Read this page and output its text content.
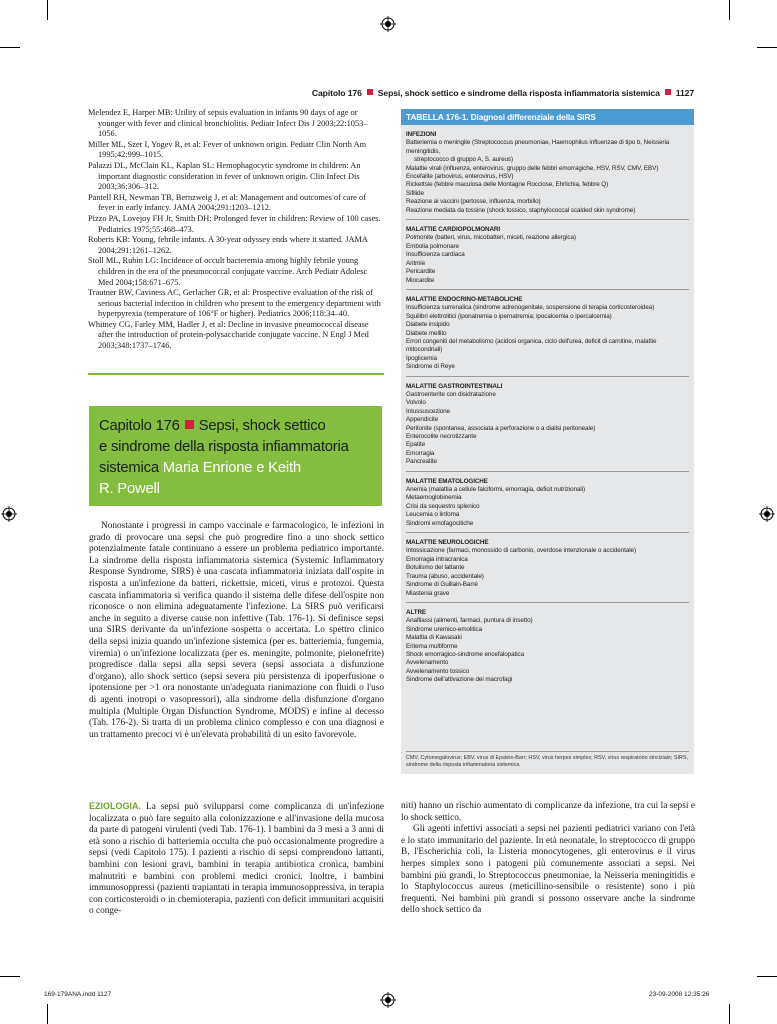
Capitolo 176 Sepsi, shock settico e sindrome della risposta infiammatoria sistemica 1127

Melendez E, Harper MB: Utility of sepsis evaluation in infants 90 days of age or younger with fever and clinical bronchiolitis. Pediatr Infect Dis J 2003;22:1053–1056.

Miller ML, Szer I, Yogev R, et al: Fever of unknown origin. Pediatr Clin North Am 1995;42:999–1015.

Palazzi DL, McClain KL, Kaplan SL: Hemophagocytic syndrome in children: An important diagnostic consideration in fever of unknown origin. Clin Infect Dis 2003;36:306–312.

Pantell RH, Newman TB, Bernzweig J, et al: Management and outcomes of care of fever in early infancy. JAMA 2004;291:1203–1212.

Pizzo PA, Lovejoy FH Jr, Smith DH: Prolonged fever in children: Review of 100 cases. Pediatrics 1975;55:468–473.

Roberts KB: Young, febrile infants. A 30-year odyssey ends where it started. JAMA 2004;291:1261–1262.

Stoll ML, Rubin LG: Incidence of occult bacteremia among highly febrile young children in the era of the pneumococcal conjugate vaccine. Arch Pediatr Adolesc Med 2004;158:671–675.

Trautner BW, Caviness AC, Gerlacher GR, et al: Prospective evaluation of the risk of serious bacterial infection in children who present to the emergency department with hyperpyrexia (temperature of 106°F or higher). Pediatrics 2006;118:34–40.

Whitney CG, Farley MM, Hadler J, et al: Decline in invasive pneumococcal disease after the introduction of protein-polysaccharide conjugate vaccine. N Engl J Med 2003;348:1737–1746.

Capitolo 176 Sepsi, shock settico
e sindrome della risposta infiammatoria
sistemica Maria Enrione e Keith
R. Powell

Nonostante i progressi in campo vaccinale e farmacologico, le infezioni in grado di provocare una sepsi che può progredire fino a uno shock settico potenzialmente fatale continuano a essere un problema pediatrico importante. La sindrome della risposta infiammatoria sistemica (Systemic Inflammatory Response Syndrome, SIRS) è una cascata infiammatoria iniziata dall'ospite in risposta a un'infezione da batteri, rickettsie, miceti, virus e protozoi. Questa cascata infiammatoria si verifica quando il sistema delle difese dell'ospite non riconosce o non elimina adeguatamente l'infezione. La SIRS può verificarsi anche in seguito a diverse cause non infettive (Tab. 176-1). Si definisce sepsi una SIRS derivante da un'infezione sospetta o accertata. Lo spettro clinico della sepsi inizia quando un'infezione sistemica (per es. batteriemia, fungemia, viremia) o un'infezione localizzata (per es. meningite, polmonite, pielonefrite) progredisce dalla sepsi alla sepsi severa (sepsi associata a disfunzione d'organo), allo shock settico (sepsi severa più persistenza di ipoperfusione o ipotensione per >1 ora nonostante un'adeguata rianimazione con fluidi o l'uso di agenti inotropi o vasopressori), alla sindrome della disfunzione d'organo multipla (Multiple Organ Disfunction Syndrome, MODS) e infine al decesso (Tab. 176-2). Si tratta di un problema clinico complesso e con una diagnosi e un trattamento precoci vi è un'elevata probabilità di un esito favorevole.

EZIOLOGIA. La sepsi può svilupparsi come complicanza di un'infezione localizzata o può fare seguito alla colonizzazione e all'invasione della mucosa da parte di patogeni virulenti (vedi Tab. 176-1). I bambini da 3 mesi a 3 anni di età sono a rischio di batteriemia occulta che può occasionalmente progredire a sepsi (vedi Capitolo 175). I pazienti a rischio di sepsi comprendono lattanti, bambini con lesioni gravi, bambini in terapia antibiotica cronica, bambini malnutriti e bambini con problemi medici cronici. Inoltre, i bambini immunosoppressi (pazienti trapiantati in terapia immunosoppressiva, in terapia con corticosteroidi o in chemioterapia, pazienti con deficit immunitari acquisiti o conge-

niti) hanno un rischio aumentato di complicanze da infezione, tra cui la sepsi e lo shock settico.

Gli agenti infettivi associati a sepsi nei pazienti pediatrici variano con l'età e lo stato immunitario del paziente. In età neonatale, lo streptococco di gruppo B, l'Escherichia coli, la Listeria monocytogenes, gli enterovirus e il virus herpes simplex sono i patogeni più comunemente associati a sepsi. Nei bambini più grandi, lo Streptococcus pneumoniae, la Neisseria meningitidis e lo Staphylococcus aureus (meticillino-sensibile o resistente) sono i più frequenti. Nei bambini più grandi si possono osservare anche la sindrome dello shock settico da

TABELLA 176-1. Diagnosi differenziale della SIRS
INFEZIONI
Batteriemia o meningite (Streptococcus pneumoniae, Haemophilus influenzae di tipo b, Neisseria meningitidis,
streptococco di gruppo A, S. aureus)
Malattie virali (influenza, enterovirus, gruppo delle febbri emorragiche, HSV, RSV, CMV, EBV)
Encefalite (arbovirus, enterovirus, HSV)
Rickettsie (febbre maculosa delle Montagne Rocciose, Ehrlichia, febbre Q)
Sifilide
Reazione ai vaccini (pertosse, influenza, morbillo)
Reazione mediata da tossine (shock tossico, staphylococcal scalded skin syndrome)
MALATTIE CARDIOPOLMONARI
Polmonite (batteri, virus, micobatteri, miceti, reazione allergica)
Embolia polmonare
Insufficienza cardiaca
Aritmie
Pericardite
Miocardite
MALATTIE ENDOCRINO-METABOLICHE
Insufficienza surrenalica (sindrome adrenogenitale, sospensione di terapia corticosteroidea)
Squilibri elettrolitici (iponatremia o ipernatremia; ipocalcemia o ipercalcemia)
Diabete insipido
Diabete mellito
Errori congeniti del metabolismo (acidosi organica, ciclo dell'urea, deficit di carnitine, malattie mitocondriali)
Ipoglicemia
Sindrome di Reye
MALATTIE GASTROINTESTINALI
Gastroenterite con disidratazione
Volvolo
Intussuscezione
Appendicite
Peritonite (spontanea, associata a perforazione o a dialisi peritoneale)
Enterocolite necrotizzante
Epatite
Emorragia
Pancreatite
MALATTIE EMATOLOGICHE
Anemia (malattia a cellule falciformi, emorragia, deficit nutrizionali)
Metaemoglobinemia
Crisi da sequestro splenico
Leucemia o linfoma
Sindromi emofagocitiche
MALATTIE NEUROLOGICHE
Intossicazione (farmaci, monossido di carbonio, overdose intenzionale o accidentale)
Emorragia intracranica
Botulismo del lattante
Trauma (abuso, accidentale)
Sindrome di Guillain-Barré
Miastenia grave
ALTRE
Anafilassi (alimenti, farmaci, puntura di insetto)
Sindrome uremico-emolitica
Malattia di Kawasaki
Eritema multiforme
Shock emorragico-sindrome encefalopatica
Avvelenamento
Avvelenamento tossico
Sindrome dell'attivazione dei macrofagi
CMV, Cytomegalovirus; EBV, virus di Epstein-Barr; HSV, virus herpes simplex; RSV, virus respiratorio sinciziale; SIRS, sindrome della risposta infiammatoria sistemica.
169-179ANA.indd 1127	23-09-2008 12:35:26
